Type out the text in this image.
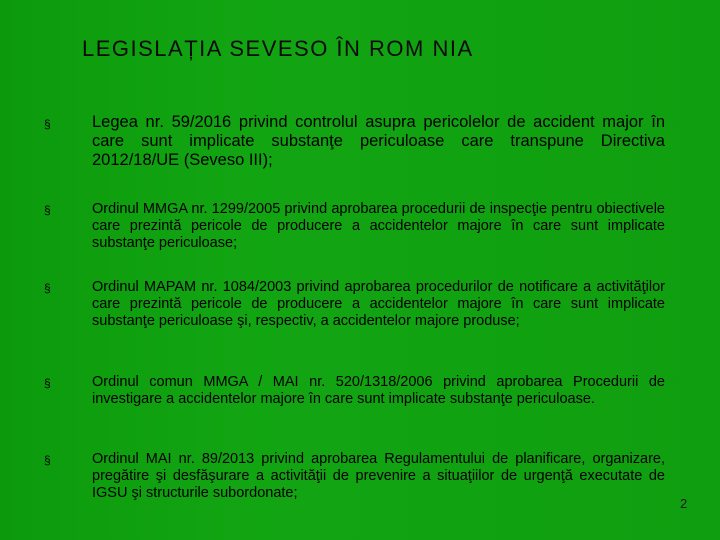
LEGISLAȚIA SEVESO ÎN ROM NIA
§	Legea nr. 59/2016 privind controlul asupra pericolelor de accident major în care sunt implicate substanţe periculoase care transpune Directiva 2012/18/UE (Seveso III);
§	Ordinul MMGA nr. 1299/2005 privind aprobarea procedurii de inspecţie pentru obiectivele care prezintă pericole de producere a accidentelor majore în care sunt implicate substanţe periculoase;
§	Ordinul MAPAM nr. 1084/2003 privind aprobarea procedurilor de notificare a activităţilor care prezintă pericole de producere a accidentelor majore în care sunt implicate substanţe periculoase şi, respectiv, a accidentelor majore produse;
§	Ordinul comun MMGA / MAI nr. 520/1318/2006 privind aprobarea Procedurii de investigare a accidentelor majore în care sunt implicate substanţe periculoase.
§	Ordinul MAI nr. 89/2013 privind aprobarea Regulamentului de planificare, organizare, pregătire şi desfăşurare a activităţii de prevenire a situaţiilor de urgenţă executate de IGSU şi structurile subordonate;
2
